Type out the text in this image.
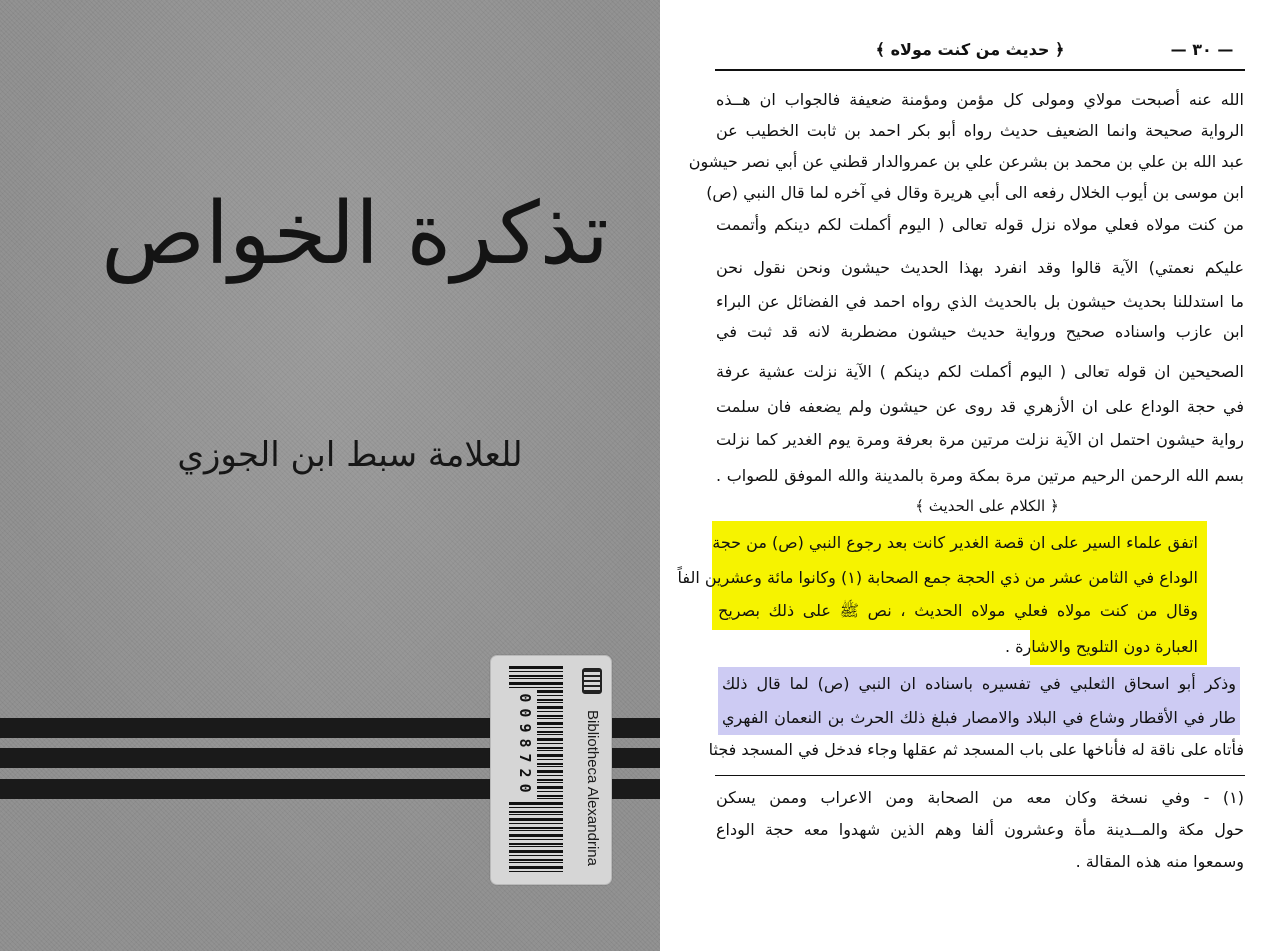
تذكرة الخواص
للعلامة سبط ابن الجوزي
0098720	Bibliotheca Alexandrina
﴿ حديث من كنت مولاه ﴾	— ٣٠ —
الله عنه أصبحت مولاي ومولى كل مؤمن ومؤمنة ضعيفة فالجواب ان هــذه
الرواية صحيحة وانما الضعيف حديث رواه أبو بكر احمد بن ثابت الخطيب عن
عبد الله بن علي بن محمد بن بشرعن علي بن عمروالدار قطني عن أبي نصر حيشون
ابن موسى بن أيوب الخلال رفعه الى أبي هريرة وقال في آخره لما قال النبي (ص)
من كنت مولاه فعلي مولاه نزل قوله تعالى ( اليوم أكملت لكم دينكم وأتممت
عليكم نعمتي) الآية قالوا وقد انفرد بهذا الحديث حيشون ونحن نقول نحن
ما استدللنا بحديث حيشون بل بالحديث الذي رواه احمد في الفضائل عن البراء
ابن عازب واسناده صحيح ورواية حديث حيشون مضطربة لانه قد ثبت في
الصحيحين ان قوله تعالى ( اليوم أكملت لكم دينكم ) الآية نزلت عشية عرفة
في حجة الوداع على ان الأزهري قد روى عن حيشون ولم يضعفه فان سلمت
رواية حيشون احتمل ان الآية نزلت مرتين مرة بعرفة ومرة يوم الغدير كما نزلت
بسم الله الرحمن الرحيم مرتين مرة بمكة ومرة بالمدينة والله الموفق للصواب .
﴿ الكلام على الحديث ﴾
اتفق علماء السير على ان قصة الغدير كانت بعد رجوع النبي (ص) من حجة
الوداع في الثامن عشر من ذي الحجة جمع الصحابة (١) وكانوا مائة وعشرين الفاً
وقال من كنت مولاه فعلي مولاه الحديث ، نص ﷺ على ذلك بصريح
العبارة دون التلويح والاشارة .
وذكر أبو اسحاق الثعلبي في تفسيره باسناده ان النبي (ص) لما قال ذلك
طار في الأقطار وشاع في البلاد والامصار فبلغ ذلك الحرث بن النعمان الفهري
فأتاه على ناقة له فأناخها على باب المسجد ثم عقلها وجاء فدخل في المسجد فجثا
(١) - وفي نسخة وكان معه من الصحابة ومن الاعراب وممن يسكن
حول مكة والمــدينة مأة وعشرون ألفا وهم الذين شهدوا معه حجة الوداع
وسمعوا منه هذه المقالة .
